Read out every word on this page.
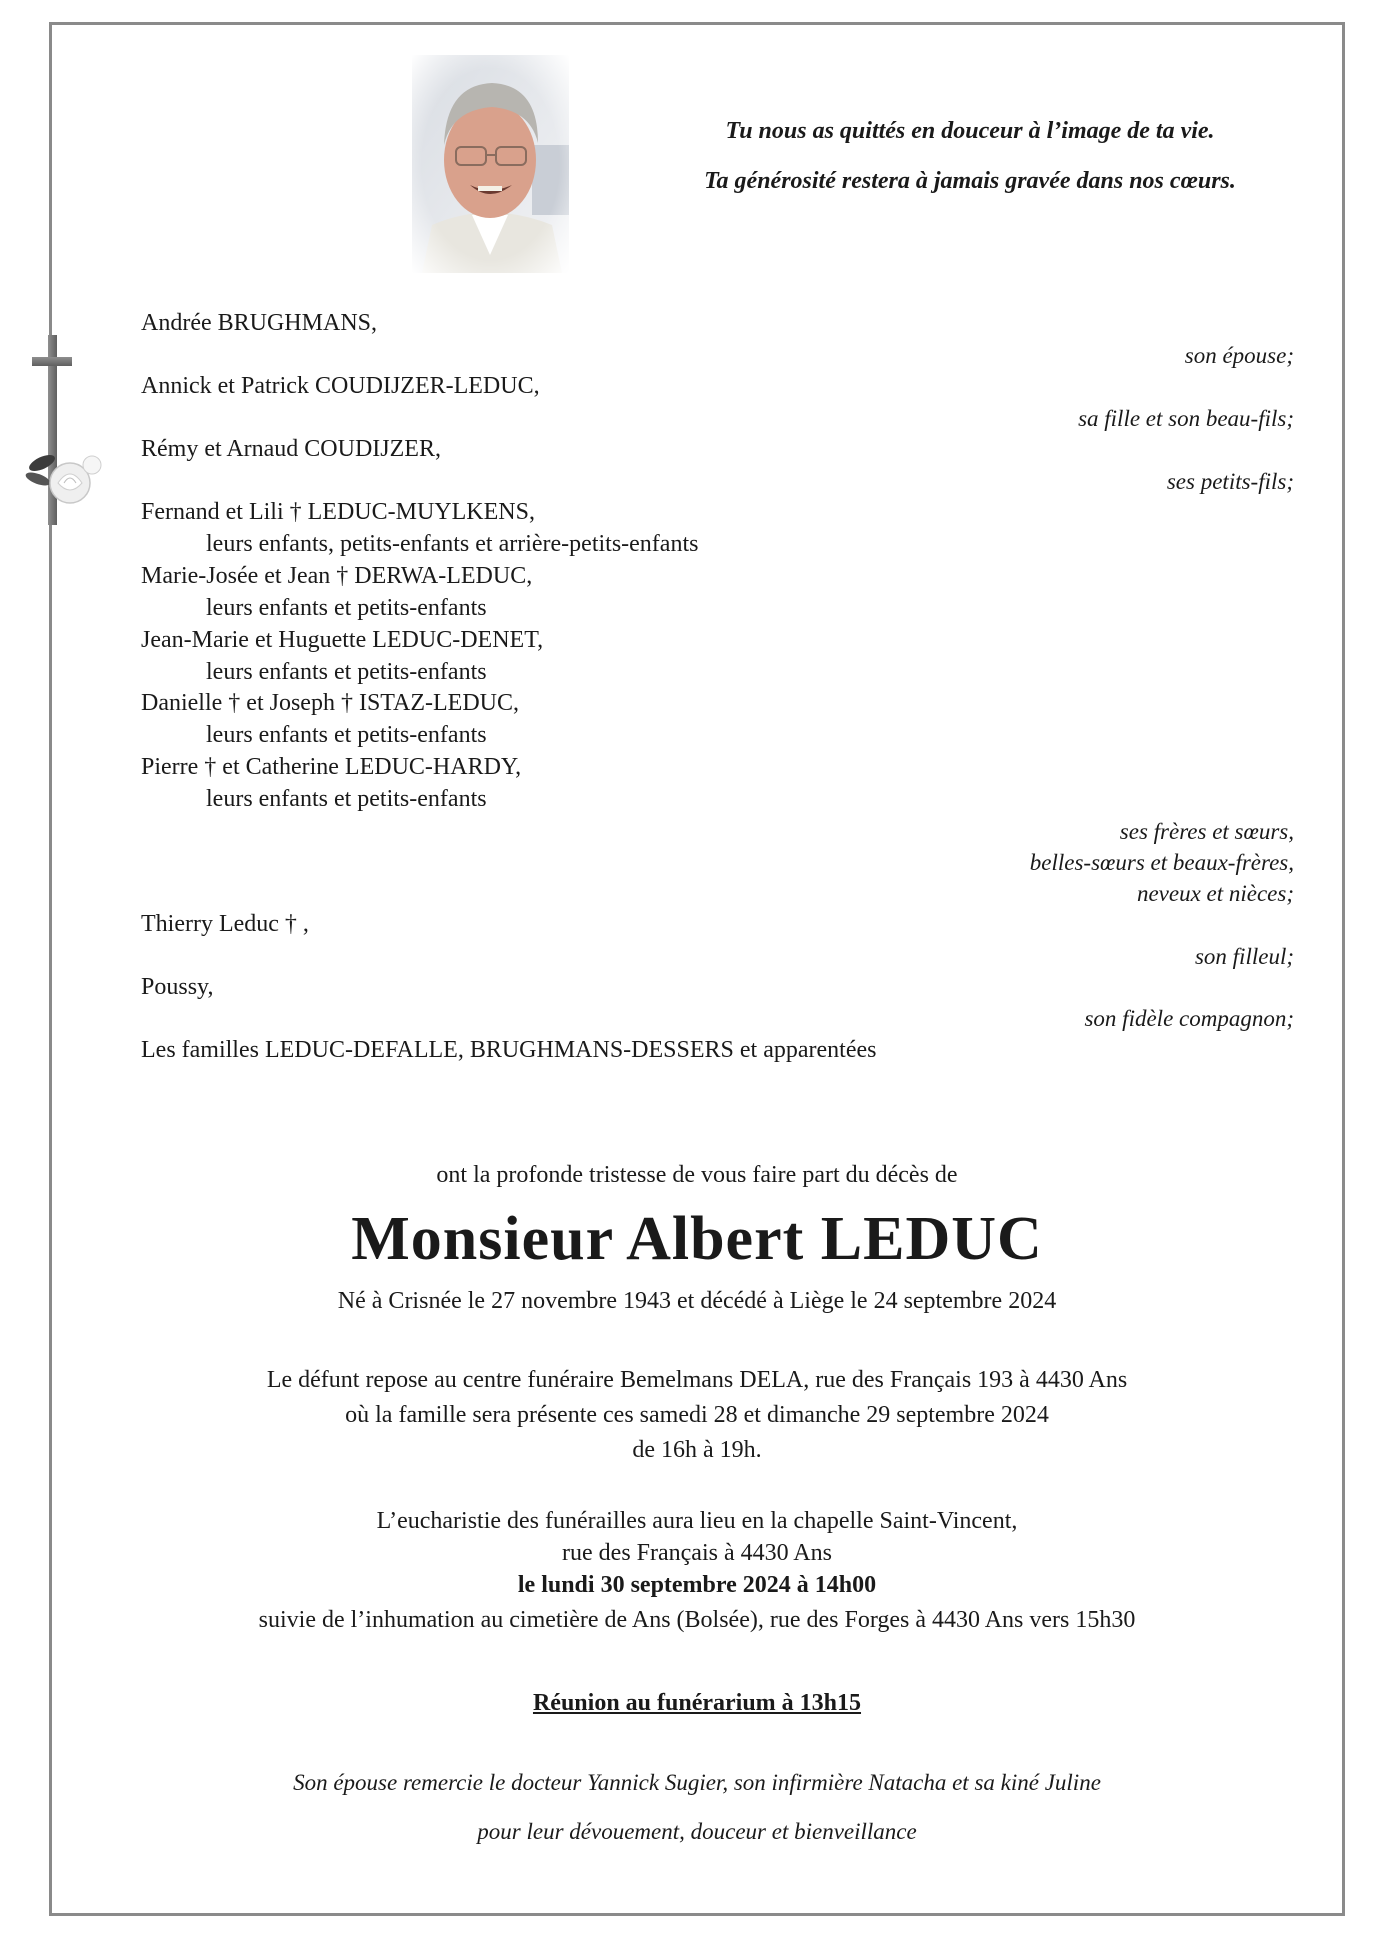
Tu nous as quittés en douceur à l’image de ta vie.
Ta générosité restera à jamais gravée dans nos cœurs.
Andrée BRUGHMANS,
Annick et Patrick COUDIJZER-LEDUC,
Rémy et Arnaud COUDIJZER,
Fernand et Lili † LEDUC-MUYLKENS,
leurs enfants, petits-enfants et arrière-petits-enfants
Marie-Josée et Jean † DERWA-LEDUC,
leurs enfants et petits-enfants
Jean-Marie et Huguette LEDUC-DENET,
leurs enfants et petits-enfants
Danielle † et Joseph † ISTAZ-LEDUC,
leurs enfants et petits-enfants
Pierre † et Catherine LEDUC-HARDY,
leurs enfants et petits-enfants
Thierry Leduc † ,
Poussy,
Les familles LEDUC-DEFALLE, BRUGHMANS-DESSERS et apparentées
son épouse;
sa fille et son beau-fils;
ses petits-fils;
ses frères et sœurs,
belles-sœurs et beaux-frères,
neveux et nièces;
son filleul;
son fidèle compagnon;
ont la profonde tristesse de vous faire part du décès de
Monsieur Albert LEDUC
Né à Crisnée le 27 novembre 1943 et décédé à Liège le 24 septembre 2024
Le défunt repose au centre funéraire Bemelmans DELA, rue des Français 193 à 4430 Ans
où la famille sera présente ces samedi 28 et dimanche 29 septembre 2024
de 16h à 19h.
L’eucharistie des funérailles aura lieu en la chapelle Saint-Vincent,
rue des Français à 4430 Ans
le lundi 30 septembre 2024 à 14h00
suivie de l’inhumation au cimetière de Ans (Bolsée), rue des Forges à 4430 Ans vers 15h30
Réunion au funérarium à 13h15
Son épouse remercie le docteur Yannick Sugier, son infirmière Natacha et sa kiné Juline
pour leur dévouement, douceur et bienveillance
